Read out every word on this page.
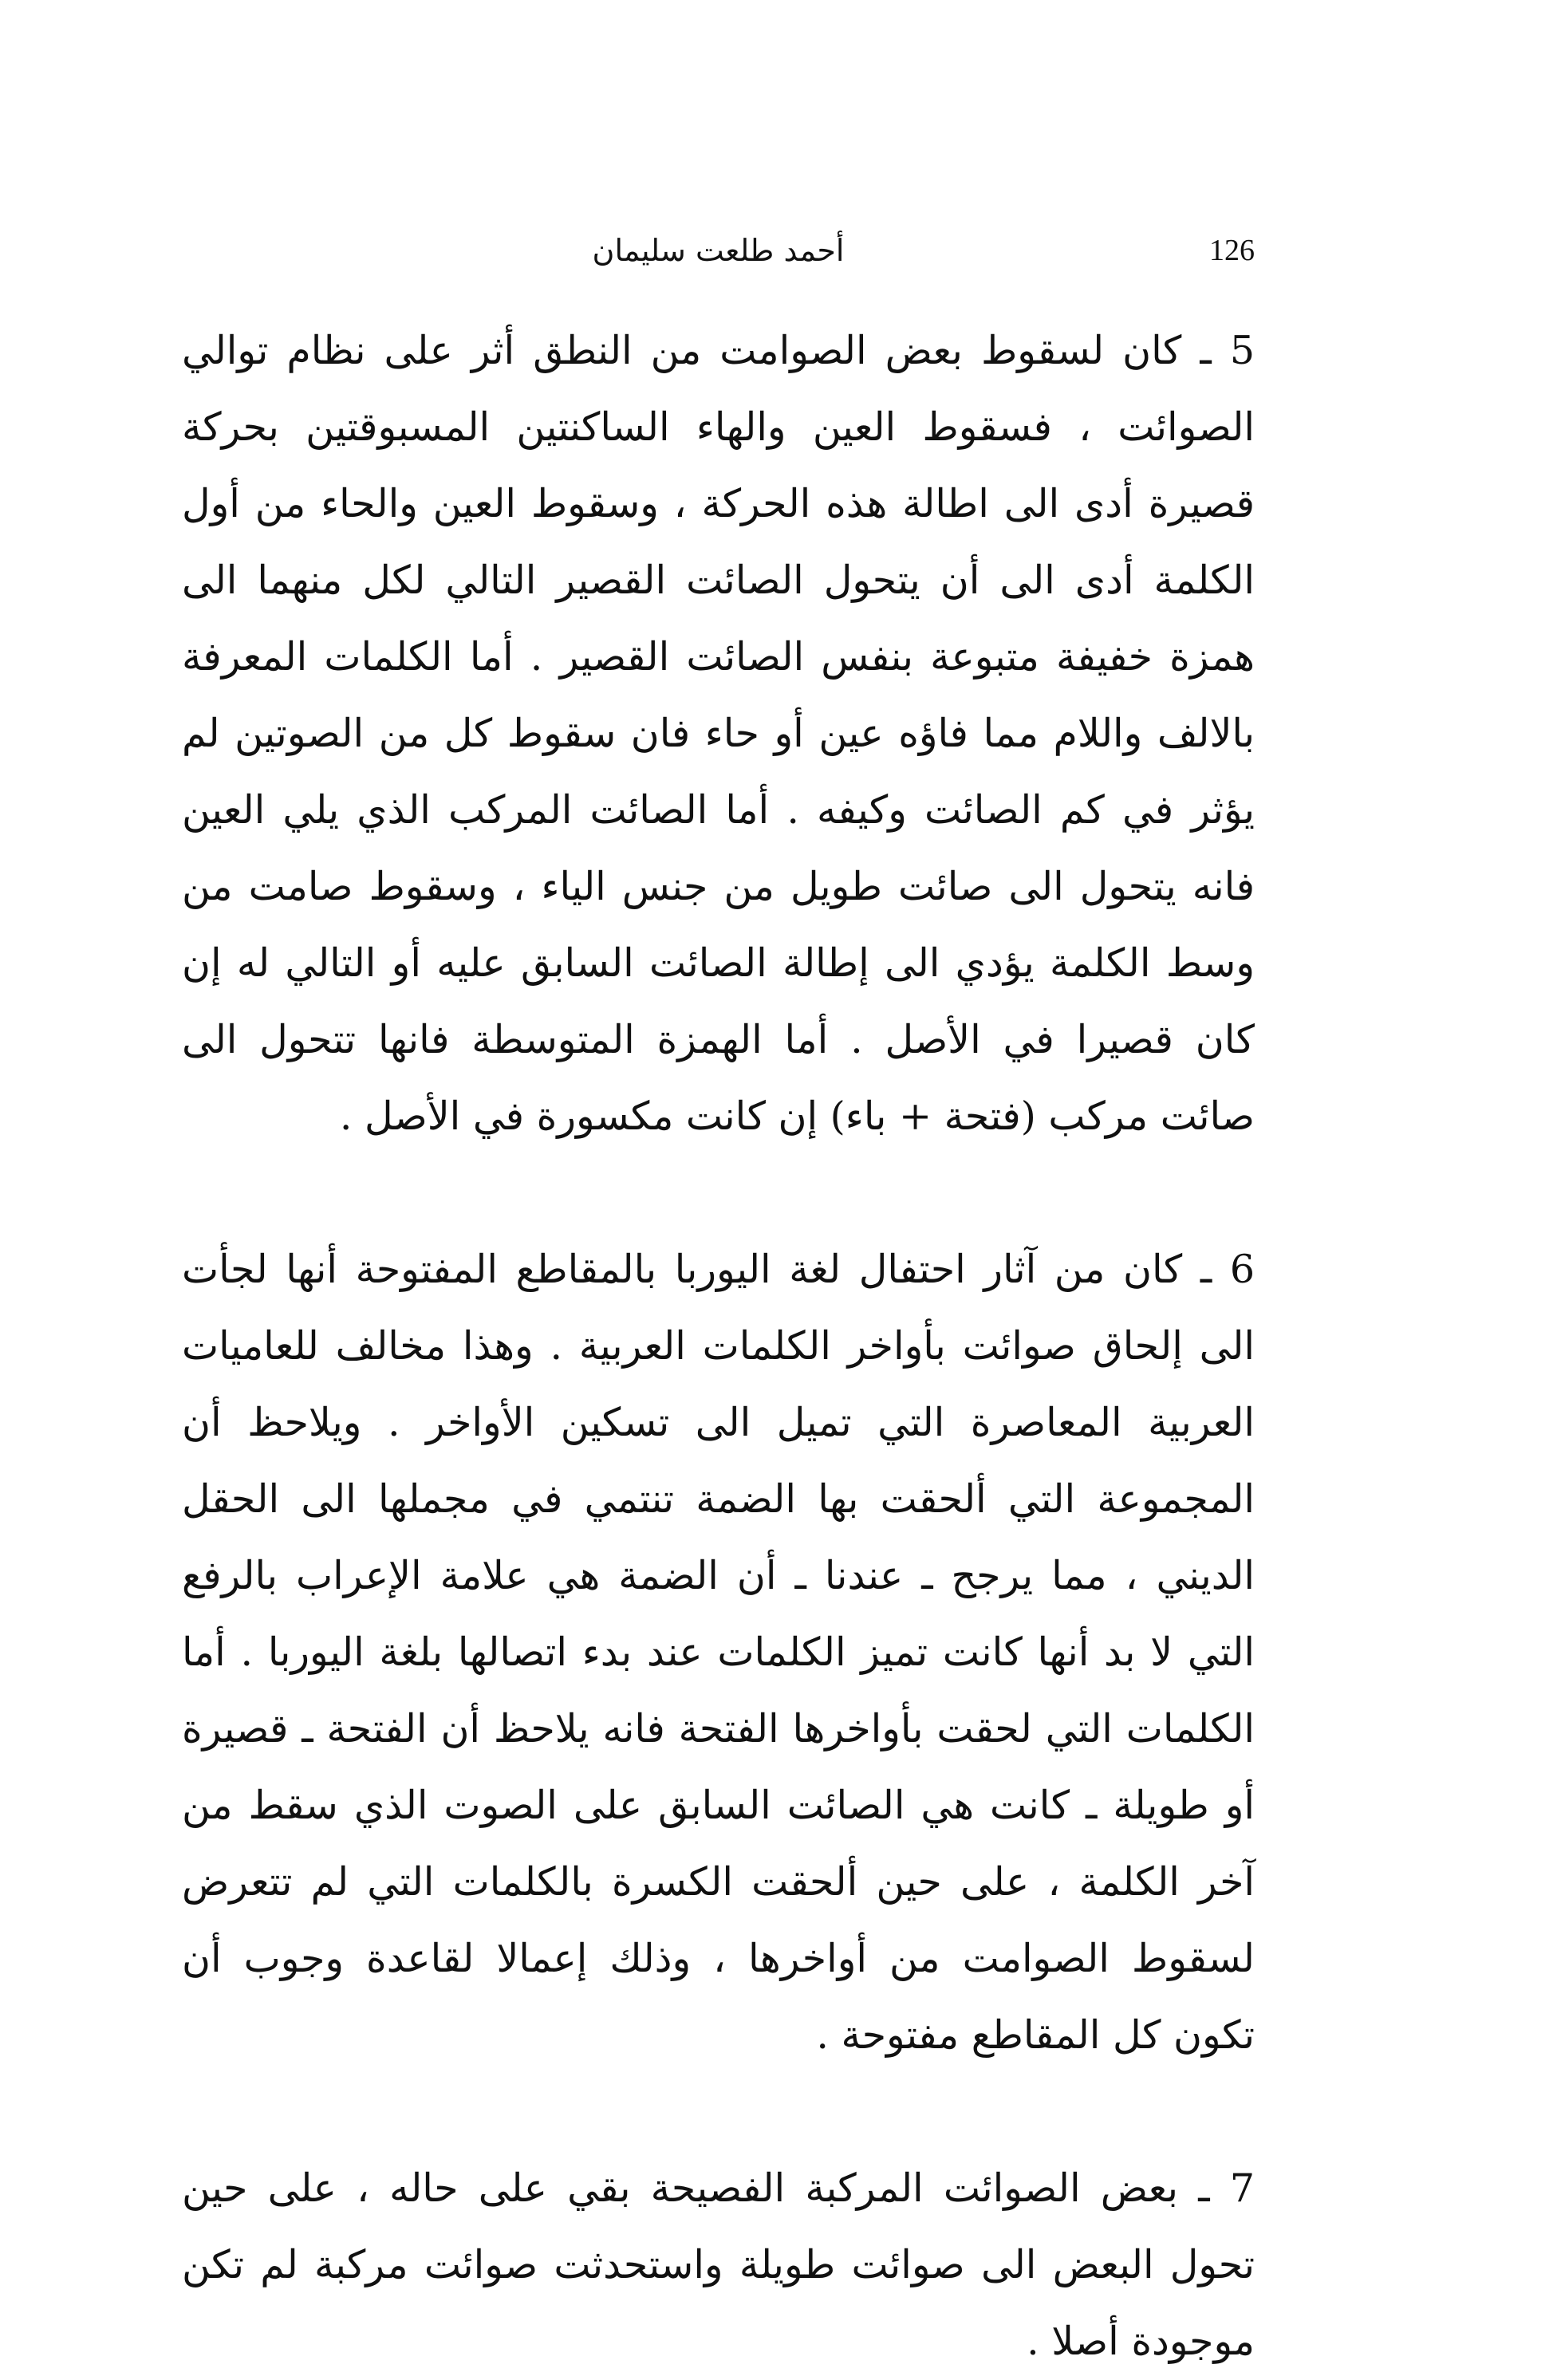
126
أحمد طلعت سليمان

5 ـ كان لسقوط بعض الصوامت من النطق أثر على نظام توالي الصوائت ، فسقوط العين والهاء الساكنتين المسبوقتين بحركة قصيرة أدى الى اطالة هذه الحركة ، وسقوط العين والحاء من أول الكلمة أدى الى أن يتحول الصائت القصير التالي لكل منهما الى همزة خفيفة متبوعة بنفس الصائت القصير . أما الكلمات المعرفة بالالف واللام مما فاؤه عين أو حاء فان سقوط كل من الصوتين لم يؤثر في كم الصائت وكيفه . أما الصائت المركب الذي يلي العين فانه يتحول الى صائت طويل من جنس الياء ، وسقوط صامت من وسط الكلمة يؤدي الى إطالة الصائت السابق عليه أو التالي له إن كان قصيرا في الأصل . أما الهمزة المتوسطة فانها تتحول الى صائت مركب (فتحة + باء) إن كانت مكسورة في الأصل .

6 ـ كان من آثار احتفال لغة اليوربا بالمقاطع المفتوحة أنها لجأت الى إلحاق صوائت بأواخر الكلمات العربية . وهذا مخالف للعاميات العربية المعاصرة التي تميل الى تسكين الأواخر . ويلاحظ أن المجموعة التي ألحقت بها الضمة تنتمي في مجملها الى الحقل الديني ، مما يرجح ـ عندنا ـ أن الضمة هي علامة الإعراب بالرفع التي لا بد أنها كانت تميز الكلمات عند بدء اتصالها بلغة اليوربا . أما الكلمات التي لحقت بأواخرها الفتحة فانه يلاحظ أن الفتحة ـ قصيرة أو طويلة ـ كانت هي الصائت السابق على الصوت الذي سقط من آخر الكلمة ، على حين ألحقت الكسرة بالكلمات التي لم تتعرض لسقوط الصوامت من أواخرها ، وذلك إعمالا لقاعدة وجوب أن تكون كل المقاطع مفتوحة .

7 ـ بعض الصوائت المركبة الفصيحة بقي على حاله ، على حين تحول البعض الى صوائت طويلة واستحدثت صوائت مركبة لم تكن موجودة أصلا .
